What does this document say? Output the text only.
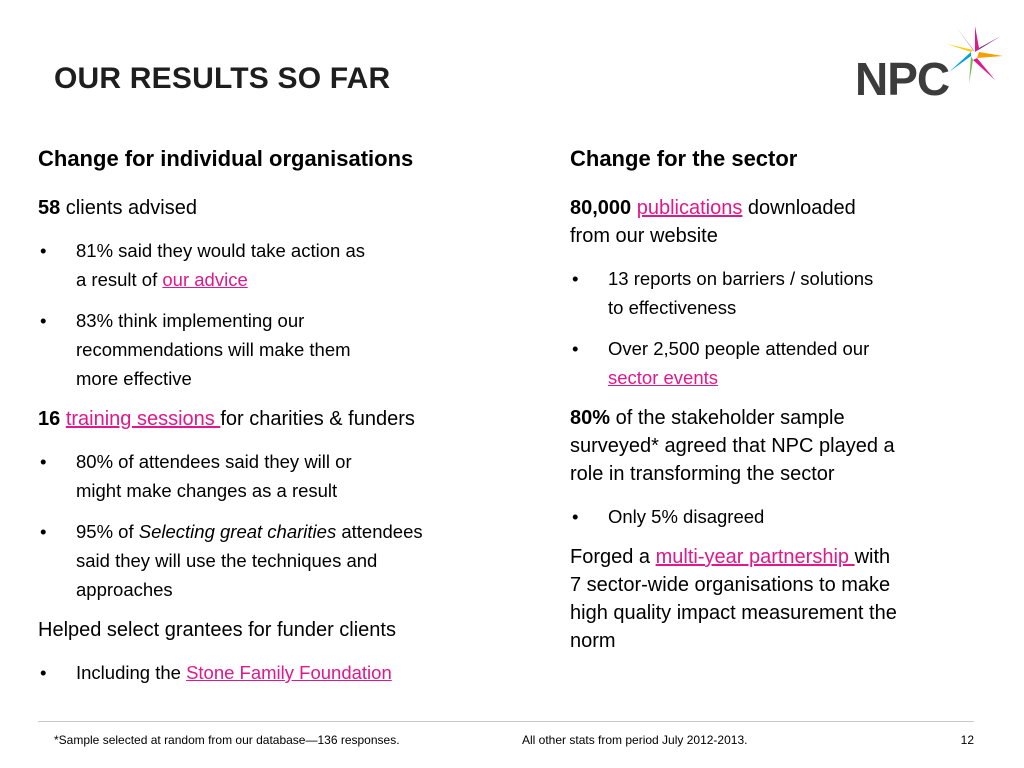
OUR RESULTS SO FAR	NPC
Change for individual organisations

58 clients advised

• 81% said they would take action as
a result of our advice
• 83% think implementing our
recommendations will make them
more effective

16 training sessions for charities & funders

• 80% of attendees said they will or
might make changes as a result
• 95% of Selecting great charities attendees
said they will use the techniques and
approaches

Helped select grantees for funder clients

• Including the Stone Family Foundation
Change for the sector

80,000 publications downloaded
from our website

• 13 reports on barriers / solutions
to effectiveness
• Over 2,500 people attended our
sector events

80% of the stakeholder sample
surveyed* agreed that NPC played a
role in transforming the sector

• Only 5% disagreed

Forged a multi-year partnership with
7 sector-wide organisations to make
high quality impact measurement the
norm

*Sample selected at random from our database—136 responses.	All other stats from period July 2012-2013.	12
